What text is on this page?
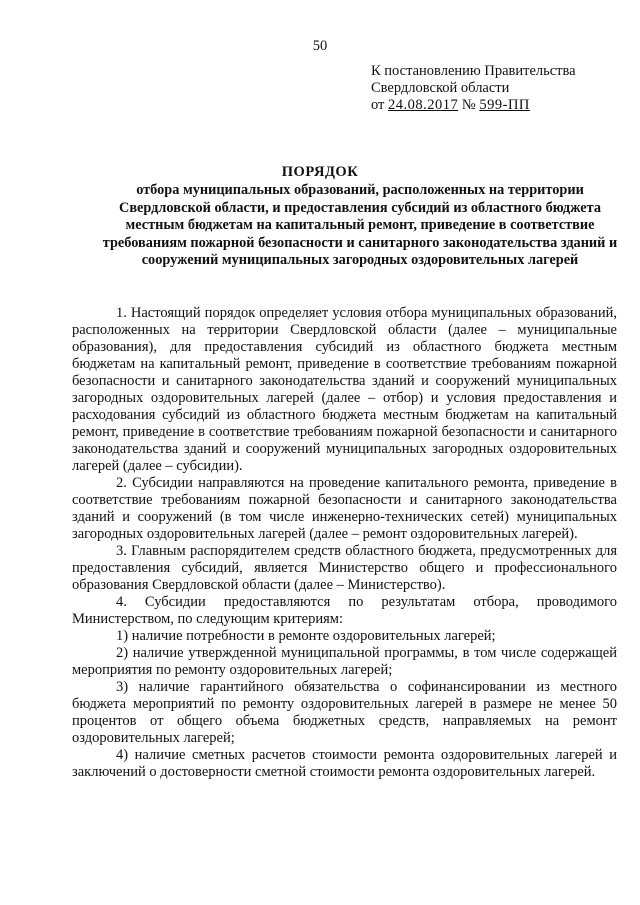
50
К постановлению Правительства
Свердловской области
от 24.08.2017 № 599-ПП
ПОРЯДОК
отбора муниципальных образований, расположенных на территории Свердловской области, и предоставления субсидий из областного бюджета местным бюджетам на капитальный ремонт, приведение в соответствие требованиям пожарной безопасности и санитарного законодательства зданий и сооружений муниципальных загородных оздоровительных лагерей

1. Настоящий порядок определяет условия отбора муниципальных образований, расположенных на территории Свердловской области (далее – муниципальные образования), для предоставления субсидий из областного бюджета местным бюджетам на капитальный ремонт, приведение в соответствие требованиям пожарной безопасности и санитарного законодательства зданий и сооружений муниципальных загородных оздоровительных лагерей (далее – отбор) и условия предоставления и расходования субсидий из областного бюджета местным бюджетам на капитальный ремонт, приведение в соответствие требованиям пожарной безопасности и санитарного законодательства зданий и сооружений муниципальных загородных оздоровительных лагерей (далее – субсидии).

2. Субсидии направляются на проведение капитального ремонта, приведение в соответствие требованиям пожарной безопасности и санитарного законодательства зданий и сооружений (в том числе инженерно-технических сетей) муниципальных загородных оздоровительных лагерей (далее – ремонт оздоровительных лагерей).

3. Главным распорядителем средств областного бюджета, предусмотренных для предоставления субсидий, является Министерство общего и профессионального образования Свердловской области (далее – Министерство).

4. Субсидии предоставляются по результатам отбора, проводимого Министерством, по следующим критериям:

1) наличие потребности в ремонте оздоровительных лагерей;

2) наличие утвержденной муниципальной программы, в том числе содержащей мероприятия по ремонту оздоровительных лагерей;

3) наличие гарантийного обязательства о софинансировании из местного бюджета мероприятий по ремонту оздоровительных лагерей в размере не менее 50 процентов от общего объема бюджетных средств, направляемых на ремонт оздоровительных лагерей;

4) наличие сметных расчетов стоимости ремонта оздоровительных лагерей и заключений о достоверности сметной стоимости ремонта оздоровительных лагерей.
